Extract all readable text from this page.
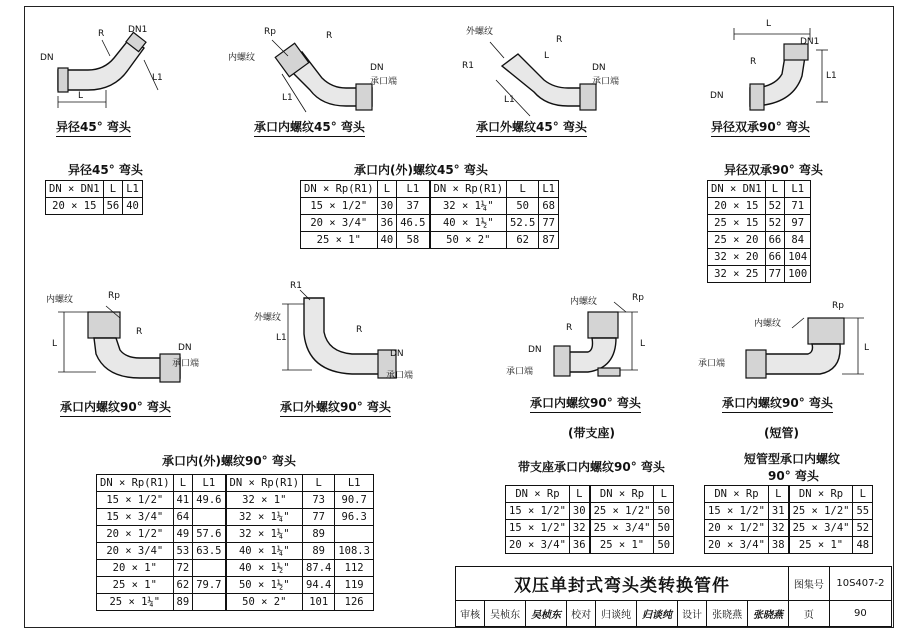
DN
DN1
R
L
L1
异径45° 弯头
Rp
内螺纹
R
L1
DN
承口端
承口内螺纹45° 弯头
外螺纹
R1
R
L1
L
DN
承口端
承口外螺纹45° 弯头
L
DN1
R
L1
DN
异径双承90° 弯头
异径45° 弯头
DN × DN1	L	L1
20 × 15	56	40
承口内(外)螺纹45° 弯头
DN × Rp(R1)	L	L1	DN × Rp(R1)	L	L1
15 × 1/2"	30	37	32 × 1¼"	50	68
20 × 3/4"	36	46.5	40 × 1½"	52.5	77
25 × 1"	40	58	50 × 2"	62	87
异径双承90° 弯头
DN × DN1	L	L1
20 × 15	52	71
25 × 15	52	97
25 × 20	66	84
32 × 20	66	104
32 × 25	77	100
内螺纹	Rp
R
L	DN
承口端
承口内螺纹90° 弯头
R1
外螺纹
L1
R
DN
承口端
承口外螺纹90° 弯头
内螺纹	Rp
R
DN
L
承口端
承口内螺纹90° 弯头
(带支座)
内螺纹
Rp
承口端
L
承口内螺纹90° 弯头
(短管)
承口内(外)螺纹90° 弯头
DN × Rp(R1)	L	L1	DN × Rp(R1)	L	L1
15 × 1/2"	41	49.6	32 × 1"	73	90.7
15 × 3/4"	64		32 × 1¼"	77	96.3
20 × 1/2"	49	57.6	32 × 1¼"	89	
20 × 3/4"	53	63.5	40 × 1¼"	89	108.3
20 × 1"	72		40 × 1½"	87.4	112
25 × 1"	62	79.7	50 × 1½"	94.4	119
25 × 1¼"	89		50 × 2"	101	126
带支座承口内螺纹90° 弯头
DN × Rp	L	DN × Rp	L
15 × 1/2"	30	25 × 1/2"	50
15 × 1/2"	32	25 × 3/4"	50
20 × 3/4"	36	25 × 1"	50
短管型承口内螺纹
90° 弯头
DN × Rp	L	DN × Rp	L
15 × 1/2"	31	25 × 1/2"	55
20 × 1/2"	32	25 × 3/4"	52
20 × 3/4"	38	25 × 1"	48
双压单封式弯头类转换管件									图集号	10S407-2
审核	吴桢东	吴桢东	校对	归谈纯	归谈纯	设计	张晓燕	张晓燕	页	90
